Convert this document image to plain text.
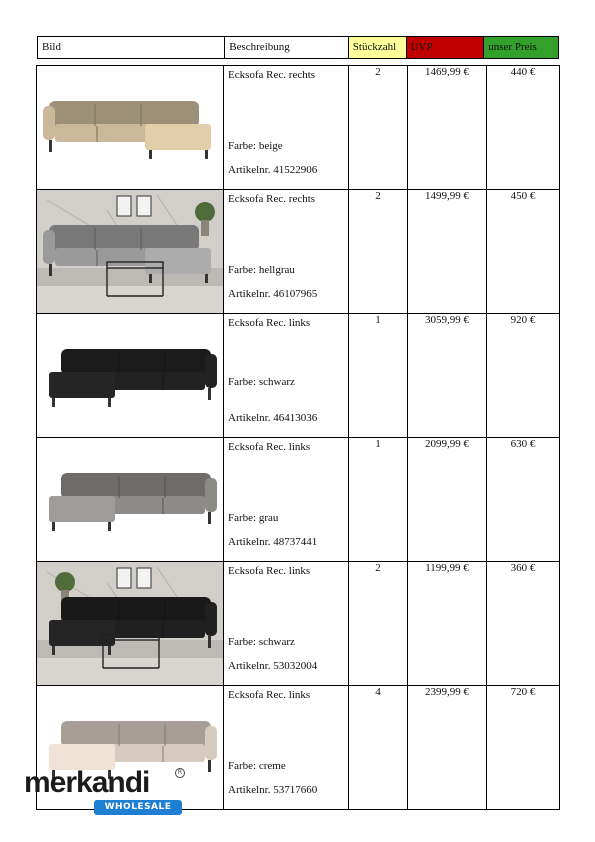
Bild	Beschreibung	Stückzahl	UVP	unser Preis

Ecksofa Rec. rechts
Farbe: beige
Artikelnr. 41522906	2	1469,99 €	440 €

Ecksofa Rec. rechts
Farbe: hellgrau
Artikelnr. 46107965	2	1499,99 €	450 €

Ecksofa Rec. links
Farbe: schwarz
Artikelnr. 46413036	1	3059,99 €	920 €

Ecksofa Rec. links
Farbe: grau
Artikelnr. 48737441	1	2099,99 €	630 €

Ecksofa Rec. links
Farbe: schwarz
Artikelnr. 53032004	2	1199,99 €	360 €

Ecksofa Rec. links
Farbe: creme
Artikelnr. 53717660	4	2399,99 €	720 €
merkandi	R
WHOLESALE
